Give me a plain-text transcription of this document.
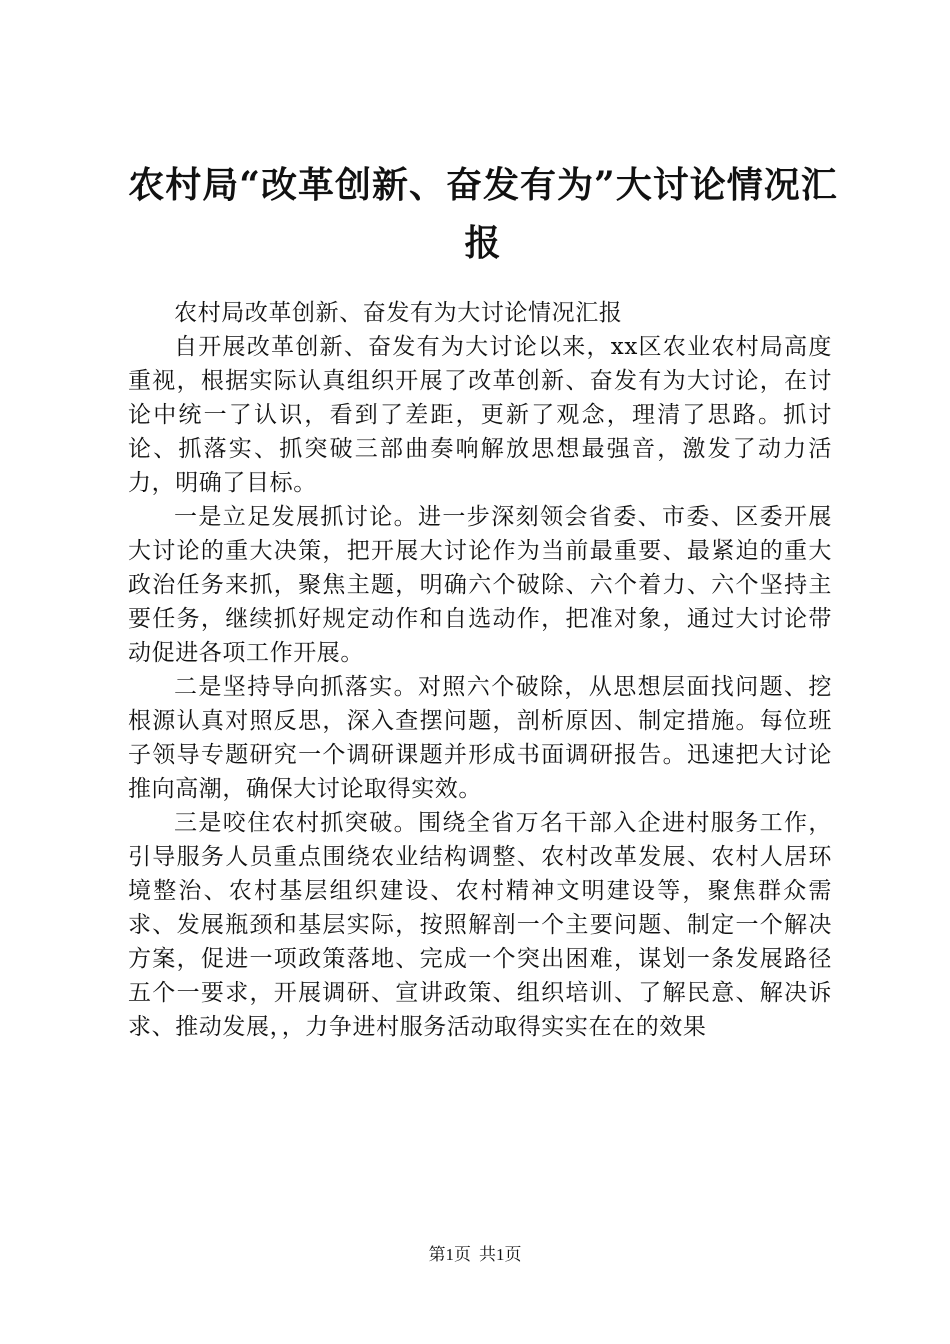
农村局“改革创新、奋发有为”大讨论情况汇报

农村局改革创新、奋发有为大讨论情况汇报

自开展改革创新、奋发有为大讨论以来，xx区农业农村局高度重视，根据实际认真组织开展了改革创新、奋发有为大讨论，在讨论中统一了认识，看到了差距，更新了观念，理清了思路。抓讨论、抓落实、抓突破三部曲奏响解放思想最强音，激发了动力活力，明确了目标。

一是立足发展抓讨论。进一步深刻领会省委、市委、区委开展大讨论的重大决策，把开展大讨论作为当前最重要、最紧迫的重大政治任务来抓，聚焦主题，明确六个破除、六个着力、六个坚持主要任务，继续抓好规定动作和自选动作，把准对象，通过大讨论带动促进各项工作开展。

二是坚持导向抓落实。对照六个破除，从思想层面找问题、挖根源认真对照反思，深入查摆问题，剖析原因、制定措施。每位班子领导专题研究一个调研课题并形成书面调研报告。迅速把大讨论推向高潮，确保大讨论取得实效。

三是咬住农村抓突破。围绕全省万名干部入企进村服务工作，引导服务人员重点围绕农业结构调整、农村改革发展、农村人居环境整治、农村基层组织建设、农村精神文明建设等，聚焦群众需求、发展瓶颈和基层实际，按照解剖一个主要问题、制定一个解决方案，促进一项政策落地、完成一个突出困难，谋划一条发展路径五个一要求，开展调研、宣讲政策、组织培训、了解民意、解决诉求、推动发展，，力争进村服务活动取得实实在在的效果

第1页 共1页
